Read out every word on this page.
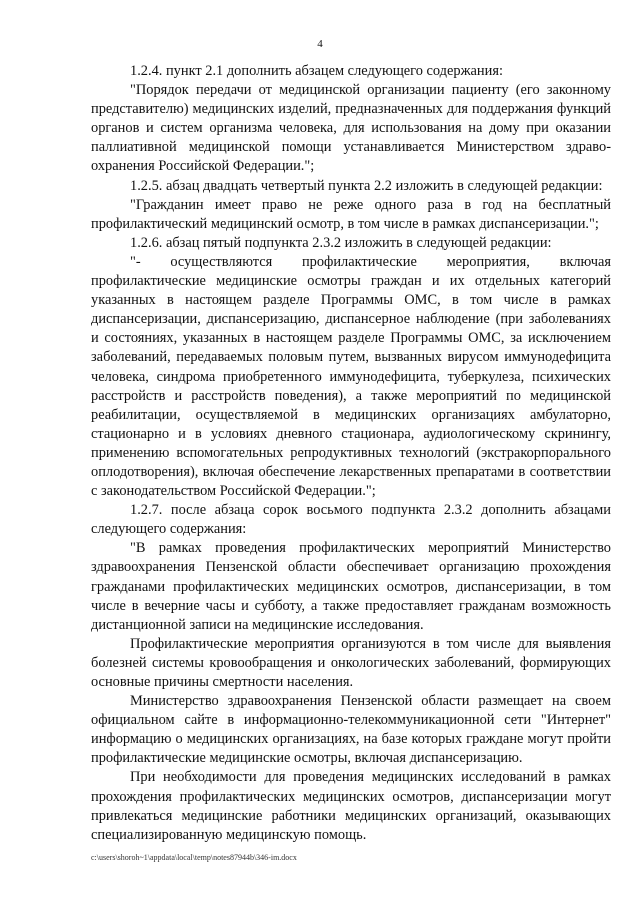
4

1.2.4. пункт 2.1 дополнить абзацем следующего содержания:

"Порядок передачи от медицинской организации пациенту (его законному представителю) медицинских изделий, предназначенных для поддержания функций органов и систем организма человека, для использования на дому при оказании паллиативной медицинской помощи устанавливается Министерством здравоохранения Российской Федерации.";

1.2.5. абзац двадцать четвертый пункта 2.2 изложить в следующей редакции:

"Гражданин имеет право не реже одного раза в год на бесплатный профилактический медицинский осмотр, в том числе в рамках диспансеризации.";

1.2.6. абзац пятый подпункта 2.3.2 изложить в следующей редакции:

"- осуществляются профилактические мероприятия, включая профилактические медицинские осмотры граждан и их отдельных категорий указанных в настоящем разделе Программы ОМС, в том числе в рамках диспансеризации, диспансеризацию, диспансерное наблюдение (при заболеваниях и состояниях, указанных в настоящем разделе Программы ОМС, за исключением заболеваний, передаваемых половым путем, вызванных вирусом иммунодефицита человека, синдрома приобретенного иммунодефицита, туберкулеза, психических расстройств и расстройств поведения), а также мероприятий по медицинской реабилитации, осуществляемой в медицинских организациях амбулаторно, стационарно и в условиях дневного стационара, аудиологическому скринингу, применению вспомогательных репродуктивных технологий (экстракорпорального оплодотворения), включая обеспечение лекарственных препаратами в соответствии с законодательством Российской Федерации.";

1.2.7. после абзаца сорок восьмого подпункта 2.3.2 дополнить абзацами следующего содержания:

"В рамках проведения профилактических мероприятий Министерство здравоохранения Пензенской области обеспечивает организацию прохождения гражданами профилактических медицинских осмотров, диспансеризации, в том числе в вечерние часы и субботу, а также предоставляет гражданам возможность дистанционной записи на медицинские исследования.

Профилактические мероприятия организуются в том числе для выявления болезней системы кровообращения и онкологических заболеваний, формирующих основные причины смертности населения.

Министерство здравоохранения Пензенской области размещает на своем официальном сайте в информационно-телекоммуникационной сети "Интернет" информацию о медицинских организациях, на базе которых граждане могут пройти профилактические медицинские осмотры, включая диспансеризацию.

При необходимости для проведения медицинских исследований в рамках прохождения профилактических медицинских осмотров, диспансеризации могут привлекаться медицинские работники медицинских организаций, оказывающих специализированную медицинскую помощь.

c:\users\shoroh~1\appdata\local\temp\notes87944b\346-im.docx
